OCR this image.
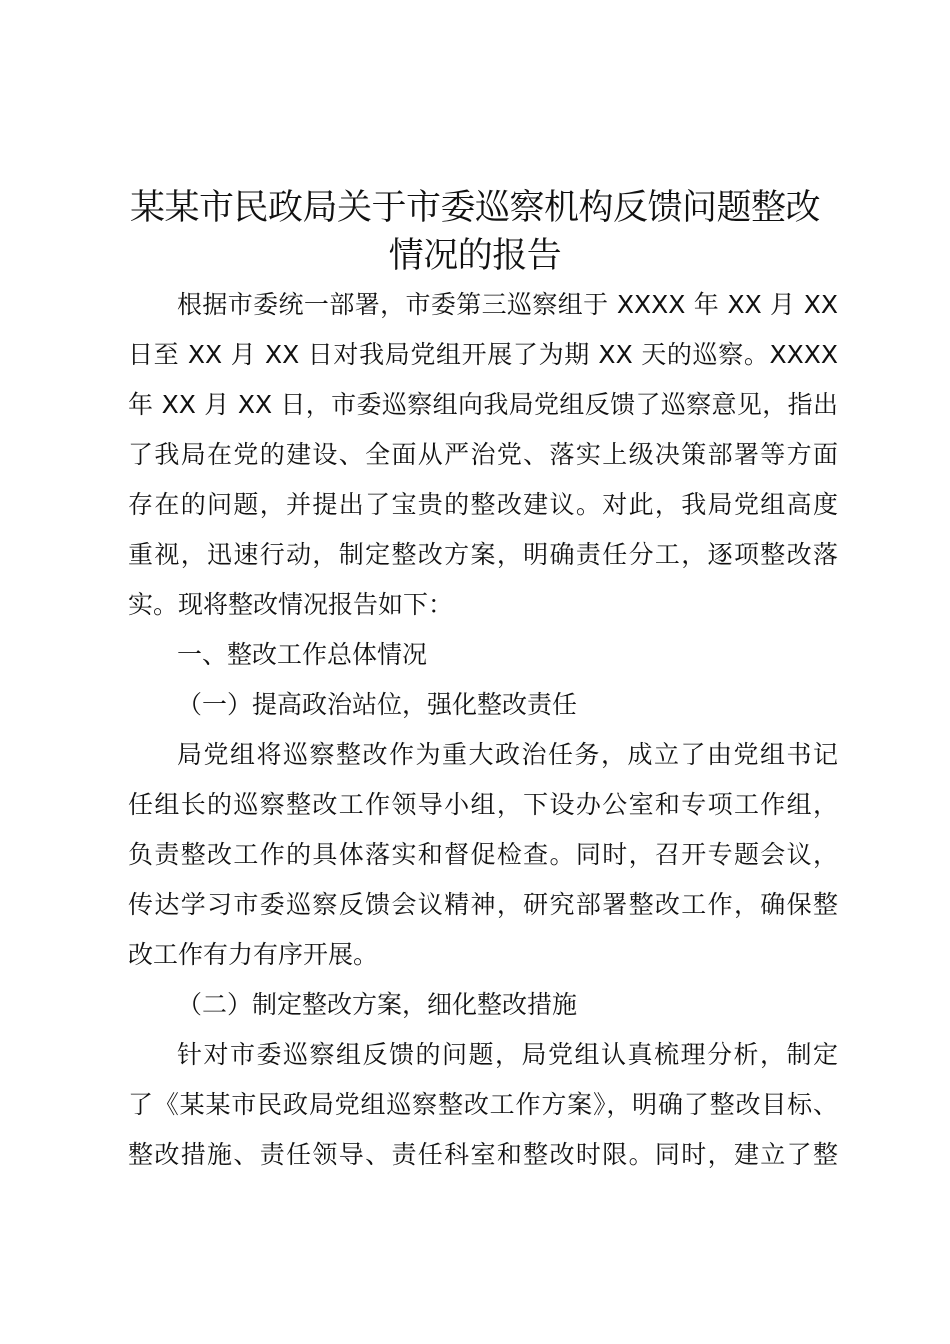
某某市民政局关于市委巡察机构反馈问题整改
情况的报告

根据市委统一部署，市委第三巡察组于 XXXX 年 XX 月 XX

日至 XX 月 XX 日对我局党组开展了为期 XX 天的巡察。XXXX

年 XX 月 XX 日，市委巡察组向我局党组反馈了巡察意见，指出

了我局在党的建设、全面从严治党、落实上级决策部署等方面

存在的问题，并提出了宝贵的整改建议。对此，我局党组高度

重视，迅速行动，制定整改方案，明确责任分工，逐项整改落

实。现将整改情况报告如下：

一、整改工作总体情况

（一）提高政治站位，强化整改责任

局党组将巡察整改作为重大政治任务，成立了由党组书记

任组长的巡察整改工作领导小组，下设办公室和专项工作组，

负责整改工作的具体落实和督促检查。同时，召开专题会议，

传达学习市委巡察反馈会议精神，研究部署整改工作，确保整

改工作有力有序开展。

（二）制定整改方案，细化整改措施

针对市委巡察组反馈的问题，局党组认真梳理分析，制定

了《某某市民政局党组巡察整改工作方案》，明确了整改目标、

整改措施、责任领导、责任科室和整改时限。同时，建立了整
